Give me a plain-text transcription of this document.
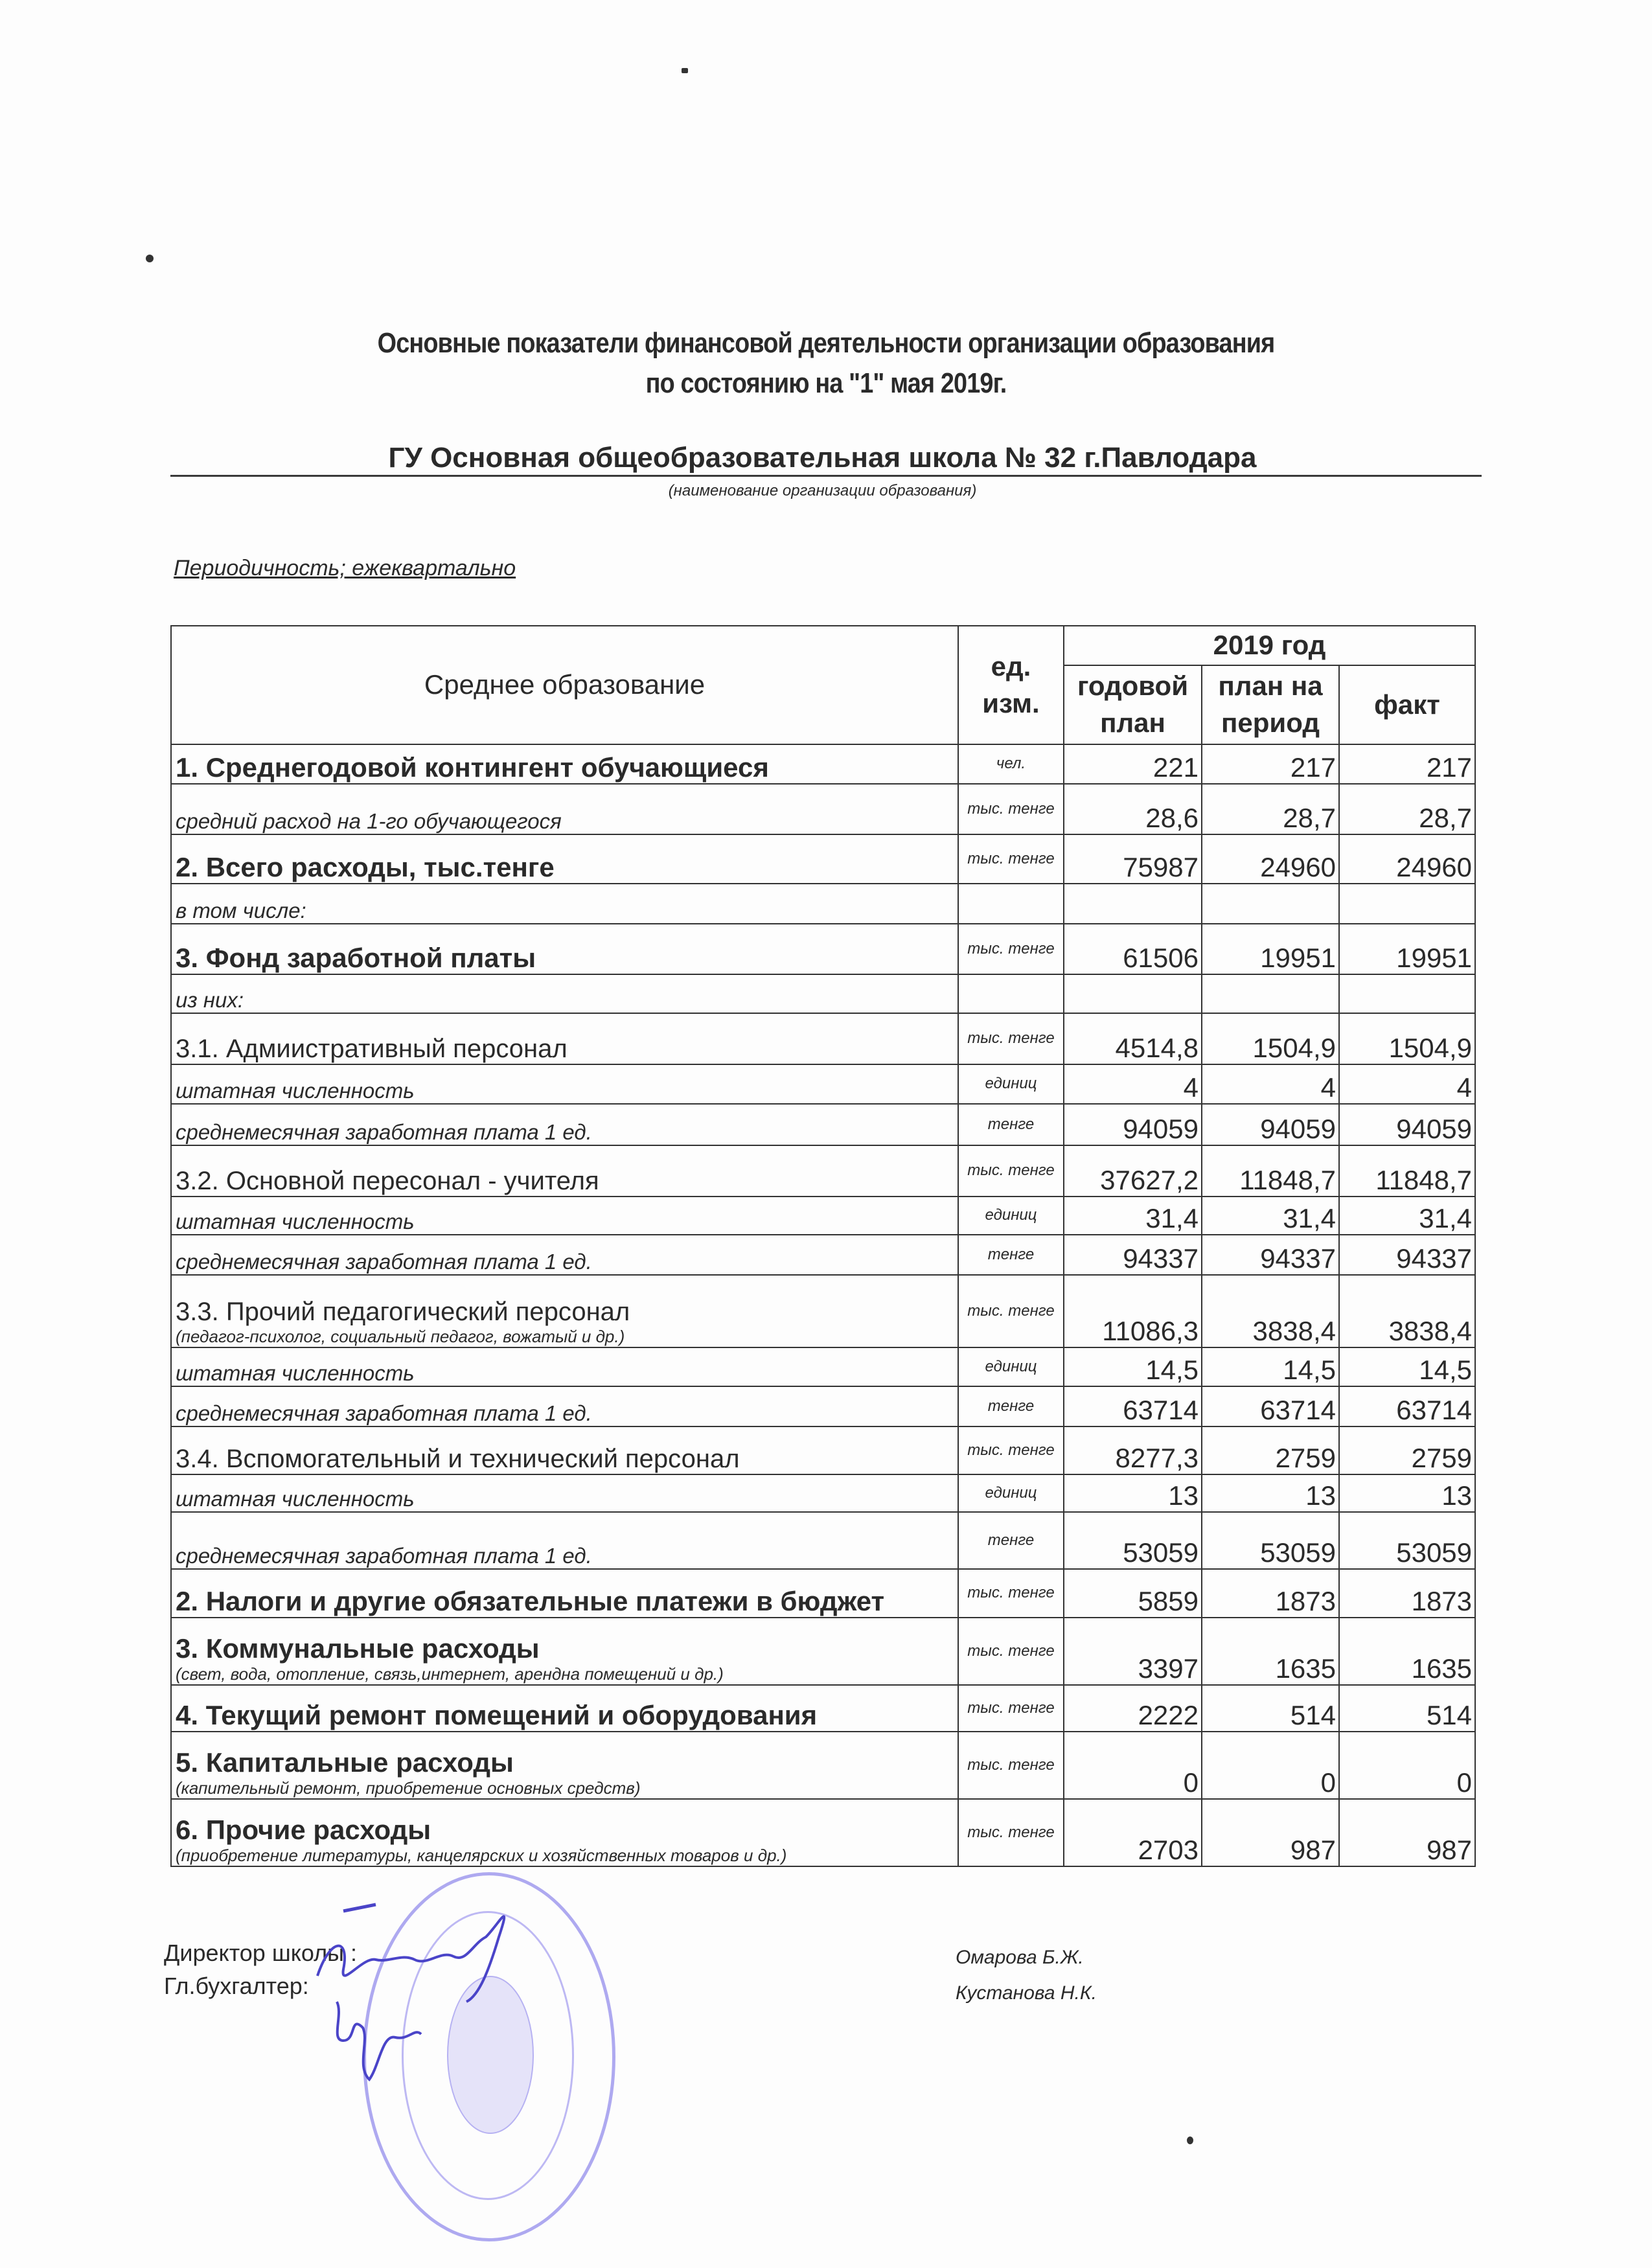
Основные показатели финансовой деятельности организации образования
по состоянию на "1" мая 2019г.
ГУ Основная общеобразовательная школа № 32 г.Павлодара
(наименование организации образования)
Периодичность; ежеквартально
Среднее образование	ед. изм.	2019 год		
		годовой план	план на период	факт

1. Среднегодовой контингент обучающиеся	чел.	221	217	217

средний расход на 1-го обучающегося	тыс. тенге	28,6	28,7	28,7

2. Всего расходы, тыс.тенге	тыс. тенге	75987	24960	24960

в том числе:				

3. Фонд заработной платы	тыс. тенге	61506	19951	19951

из них:				

3.1. Адмиистративный персонал	тыс. тенге	4514,8	1504,9	1504,9

штатная численность	единиц	4	4	4

среднемесячная заработная плата 1 ед.	тенге	94059	94059	94059

3.2. Основной пересонал - учителя	тыс. тенге	37627,2	11848,7	11848,7

штатная численность	единиц	31,4	31,4	31,4

среднемесячная заработная плата 1 ед.	тенге	94337	94337	94337

3.3. Прочий педагогический персонал
(педагог-психолог, социальный педагог, вожатый и др.)	тыс. тенге	11086,3	3838,4	3838,4

штатная численность	единиц	14,5	14,5	14,5

среднемесячная заработная плата 1 ед.	тенге	63714	63714	63714

3.4. Вспомогательный и технический персонал	тыс. тенге	8277,3	2759	2759

штатная численность	единиц	13	13	13

среднемесячная заработная плата 1 ед.	тенге	53059	53059	53059

2. Налоги и другие обязательные платежи в бюджет	тыс. тенге	5859	1873	1873

3. Коммунальные расходы
(свет, вода, отопление, связь,интернет, арендна помещений и др.)	тыс. тенге	3397	1635	1635

4. Текущий ремонт помещений и оборудования	тыс. тенге	2222	514	514

5. Капитальные расходы
(капительный ремонт, приобретение основных средств)	тыс. тенге	0	0	0

6. Прочие расходы
(приобретение литературы, канцелярских и хозяйственных товаров и др.)	тыс. тенге	2703	987	987
Директор школы :
Гл.бухгалтер:
Омарова Б.Ж.
Кустанова Н.К.
